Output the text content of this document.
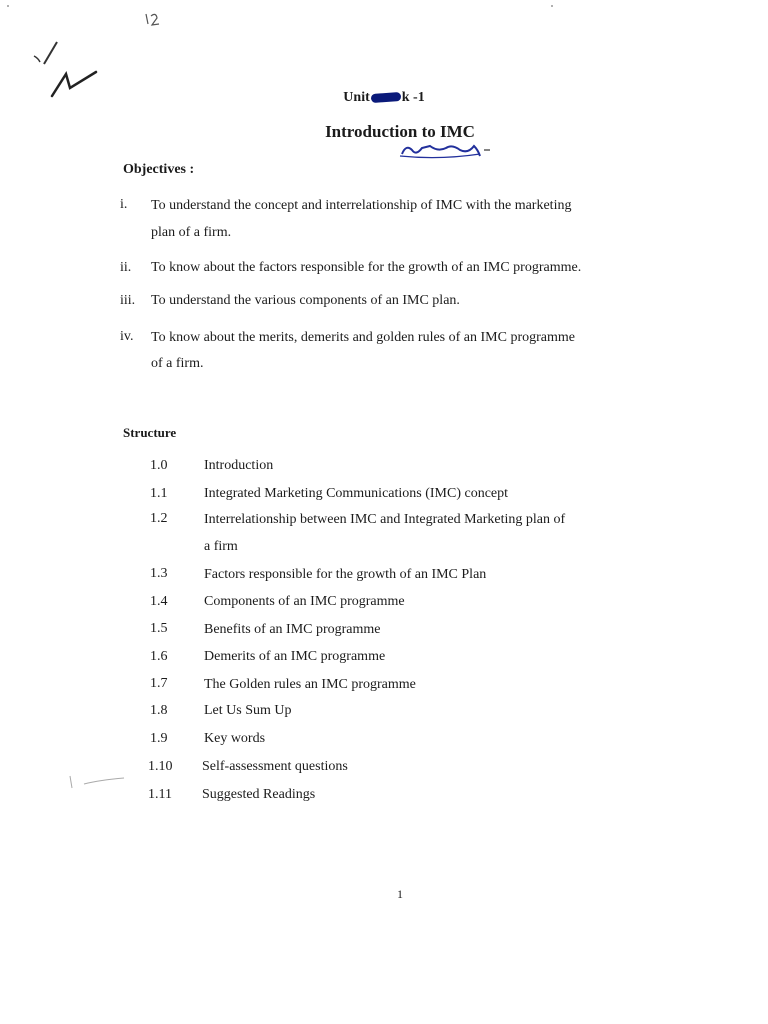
Unit k -1
Introduction to IMC
Objectives :
i. To understand the concept and interrelationship of IMC with the marketing
plan of a firm.
ii. To know about the factors responsible for the growth of an IMC programme.
iii. To understand the various components of an IMC plan.
iv. To know about the merits, demerits and golden rules of an IMC programme
of a firm.
Structure
1.0	Introduction
1.1	Integrated Marketing Communications (IMC) concept
1.2	Interrelationship between IMC and Integrated Marketing plan of
a firm
1.3	Factors responsible for the growth of an IMC Plan
1.4	Components of an IMC programme
1.5	Benefits of an IMC programme
1.6	Demerits of an IMC programme
1.7	The Golden rules an IMC programme
1.8	Let Us Sum Up
1.9	Key words
1.10 Self-assessment questions
1.11 Suggested Readings
1
